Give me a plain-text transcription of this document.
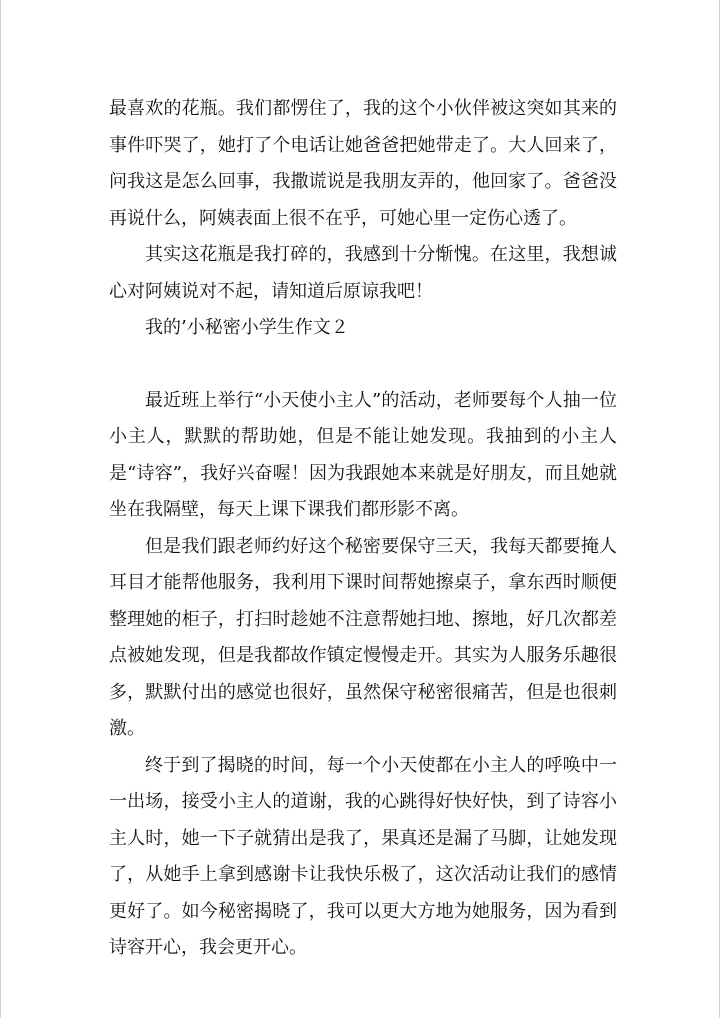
最喜欢的花瓶。我们都愣住了，我的这个小伙伴被这突如其来的事件吓哭了，她打了个电话让她爸爸把她带走了。大人回来了，问我这是怎么回事，我撒谎说是我朋友弄的，他回家了。爸爸没再说什么，阿姨表面上很不在乎，可她心里一定伤心透了。

其实这花瓶是我打碎的，我感到十分惭愧。在这里，我想诚心对阿姨说对不起，请知道后原谅我吧！

我的’小秘密小学生作文２

最近班上举行“小天使小主人”的活动，老师要每个人抽一位小主人，默默的帮助她，但是不能让她发现。我抽到的小主人是“诗容”，我好兴奋喔！因为我跟她本来就是好朋友，而且她就坐在我隔壁，每天上课下课我们都形影不离。

但是我们跟老师约好这个秘密要保守三天，我每天都要掩人耳目才能帮他服务，我利用下课时间帮她擦桌子，拿东西时顺便整理她的柜子，打扫时趁她不注意帮她扫地、擦地，好几次都差点被她发现，但是我都故作镇定慢慢走开。其实为人服务乐趣很多，默默付出的感觉也很好，虽然保守秘密很痛苦，但是也很刺激。

终于到了揭晓的时间，每一个小天使都在小主人的呼唤中一一出场，接受小主人的道谢，我的心跳得好快好快，到了诗容小主人时，她一下子就猜出是我了，果真还是漏了马脚，让她发现了，从她手上拿到感谢卡让我快乐极了，这次活动让我们的感情更好了。如今秘密揭晓了，我可以更大方地为她服务，因为看到诗容开心，我会更开心。
